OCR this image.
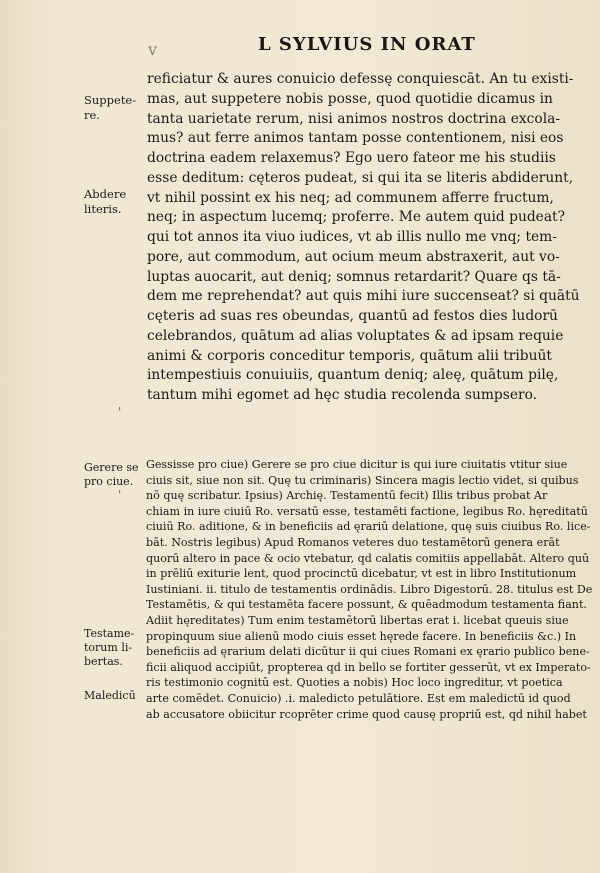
v	L SYLVIUS IN ORAT
reficiatur & aures conuicio defessę conquiescāt. An tu existi-
mas, aut suppetere nobis posse, quod quotidie dicamus in
tanta uarietate rerum, nisi animos nostros doctrina excola-
mus? aut ferre animos tantam posse contentionem, nisi eos
doctrina eadem relaxemus? Ego uero fateor me his studiis
esse deditum: cęteros pudeat, si qui ita se literis abdiderunt,
vt nihil possint ex his neq; ad communem afferre fructum,
neq; in aspectum lucemq; proferre. Me autem quid pudeat?
qui tot annos ita viuo iudices, vt ab illis nullo me vnq; tem-
pore, aut commodum, aut ocium meum abstraxerit, aut vo-
luptas auocarit, aut deniq; somnus retardarit? Quare qs tā-
dem me reprehendat? aut quis mihi iure succenseat? si quātū
cęteris ad suas res obeundas, quantū ad festos dies ludorū
celebrandos, quātum ad alias voluptates & ad ipsam requie
animi & corporis conceditur temporis, quātum alii tribuūt
intempestiuis conuiuiis, quantum deniq; aleę, quātum pilę,
tantum mihi egomet ad hęc studia recolenda sumpsero.
Suppete-
re.
Abdere
literis.
'
Gerere se
pro ciue.
'
Testame-
torum li-
bertas.
Maledicū
Gessisse pro ciue) Gerere se pro ciue dicitur is qui iure ciuitatis vtitur siue
ciuis sit, siue non sit. Quę tu criminaris) Sincera magis lectio videt, si quibus
nō quę scribatur. Ipsius) Archię. Testamentū fecit) Illis tribus probat Ar
chiam in iure ciuiū Ro. versatū esse, testamēti factione, legibus Ro. hęreditatū
ciuiū Ro. aditione, & in beneficiis ad ęrariū delatione, quę suis ciuibus Ro. lice-
bāt. Nostris legibus) Apud Romanos veteres duo testamētorū genera erāt
quorū altero in pace & ocio vtebatur, qd calatis comitiis appellabāt. Altero quū
in prēliū exiturie lent, quod procinctū dicebatur, vt est in libro Institutionum
Iustiniani. ii. titulo de testamentis ordinādis. Libro Digestorū. 28. titulus est De
Testamētis, & qui testamēta facere possunt, & quēadmodum testamenta fiant.
Adiit hęreditates) Tum enim testamētorū libertas erat i. licebat queuis siue
propinquum siue alienū modo ciuis esset hęrede facere. In beneficiis &c.) In
beneficiis ad ęrarium delati dicūtur ii qui ciues Romani ex ęrario publico bene-
ficii aliquod accipiūt, propterea qd in bello se fortiter gesserūt, vt ex Imperato-
ris testimonio cognitū est. Quoties a nobis) Hoc loco ingreditur, vt poetica
arte comēdet. Conuicio) .i. maledicto petulātiore. Est em maledictū id quod
ab accusatore obiicitur rcoprēter crime quod causę propriū est, qd nihil habet
